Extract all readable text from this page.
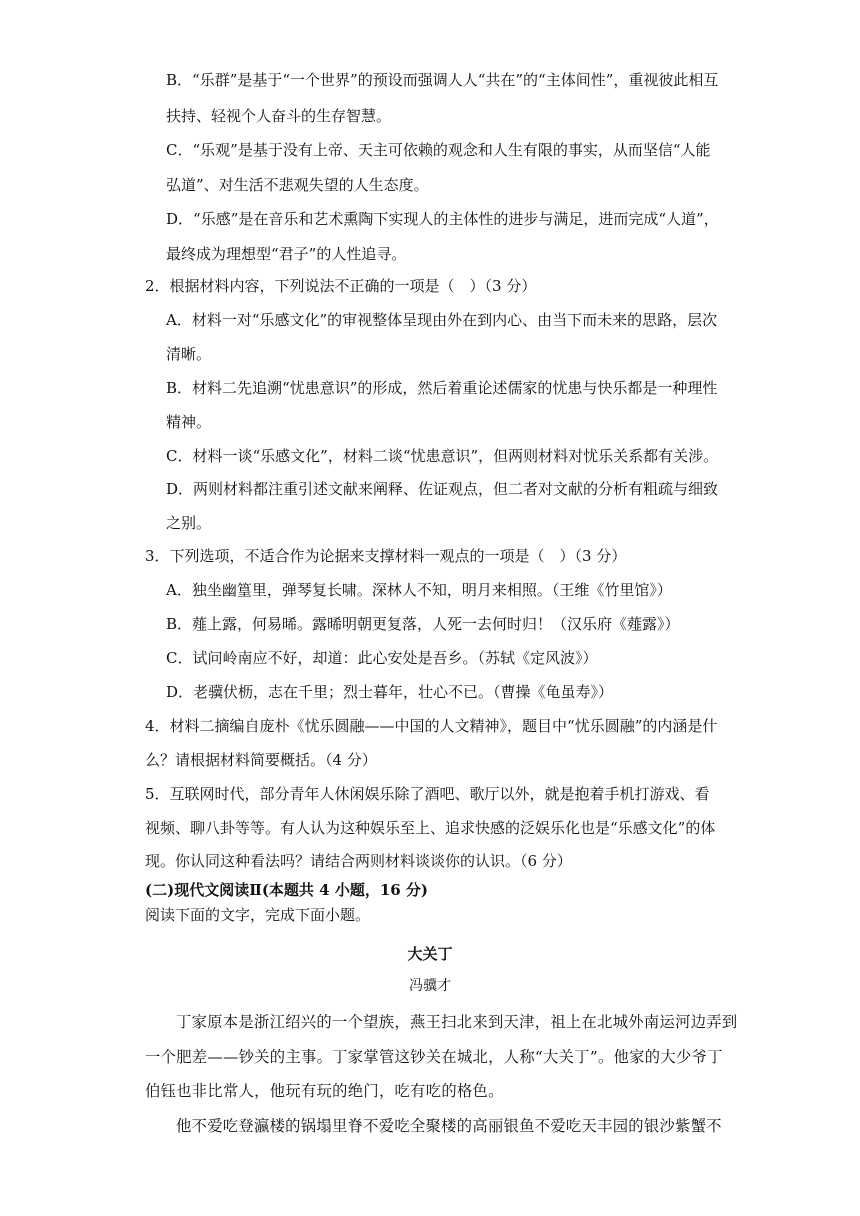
B．“乐群”是基于“一个世界”的预设而强调人人“共在”的“主体间性”，重视彼此相互
扶持、轻视个人奋斗的生存智慧。
C．“乐观”是基于没有上帝、天主可依赖的观念和人生有限的事实，从而坚信“人能
弘道”、对生活不悲观失望的人生态度。
D．“乐感”是在音乐和艺术熏陶下实现人的主体性的进步与满足，进而完成“人道”，
最终成为理想型“君子”的人性追寻。
2．根据材料内容，下列说法不正确的一项是（　）（3 分）
A．材料一对“乐感文化”的审视整体呈现由外在到内心、由当下而未来的思路，层次
清晰。
B．材料二先追溯“忧患意识”的形成，然后着重论述儒家的忧患与快乐都是一种理性
精神。
C．材料一谈“乐感文化”，材料二谈“忧患意识”，但两则材料对忧乐关系都有关涉。
D．两则材料都注重引述文献来阐释、佐证观点，但二者对文献的分析有粗疏与细致
之别。
3．下列选项，不适合作为论据来支撑材料一观点的一项是（　）（3 分）
A．独坐幽篁里，弹琴复长啸。深林人不知，明月来相照。（王维《竹里馆》）
B．薤上露，何易晞。露晞明朝更复落，人死一去何时归！（汉乐府《薤露》）
C．试问岭南应不好，却道：此心安处是吾乡。（苏轼《定风波》）
D．老骥伏枥，志在千里；烈士暮年，壮心不已。（曹操《龟虽寿》）
4．材料二摘编自庞朴《忧乐圆融——中国的人文精神》，题目中“忧乐圆融”的内涵是什
么？请根据材料简要概括。（4 分）
5．互联网时代，部分青年人休闲娱乐除了酒吧、歌厅以外，就是抱着手机打游戏、看
视频、聊八卦等等。有人认为这种娱乐至上、追求快感的泛娱乐化也是“乐感文化”的体
现。你认同这种看法吗？请结合两则材料谈谈你的认识。（6 分）
(二)现代文阅读Ⅱ(本题共 4 小题，16 分)
阅读下面的文字，完成下面小题。
大关丁
冯骥才
丁家原本是浙江绍兴的一个望族，燕王扫北来到天津，祖上在北城外南运河边弄到
一个肥差——钞关的主事。丁家掌管这钞关在城北，人称“大关丁”。他家的大少爷丁
伯钰也非比常人，他玩有玩的绝门，吃有吃的格色。
他不爱吃登瀛楼的锅塌里脊不爱吃全聚楼的高丽银鱼不爱吃天丰园的银沙紫蟹不
